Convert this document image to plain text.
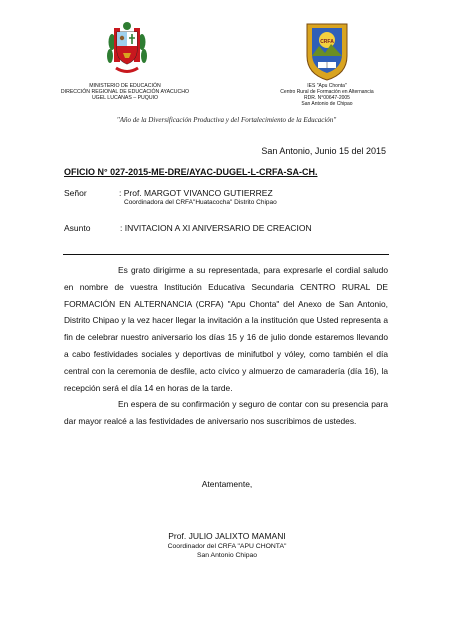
CRFA
MINISTERIO DE EDUCACIÓN
DIRECCIÓN REGIONAL DE EDUCACIÓN AYACUCHO
UGEL LUCANAS – PUQUIO
IES "Apu Chonta"
Centro Rural de Formación en Alternancia
RDR. N°00647-2005
San Antonio de Chipao
"Año de la Diversificación Productiva y del Fortalecimiento de la Educación"
San Antonio, Junio 15 del 2015
OFICIO N° 027-2015-ME-DRE/AYAC-DUGEL-L-CRFA-SA-CH.
Señor	: Prof. MARGOT VIVANCO GUTIERREZ
Coordinadora del CRFA"Huatacocha" Distrito Chipao
Asunto	: INVITACION A XI ANIVERSARIO DE CREACION

Es grato dirigirme a su representada, para expresarle el cordial saludo en nombre de vuestra Institución Educativa Secundaria CENTRO RURAL DE FORMACIÓN EN ALTERNANCIA (CRFA) "Apu Chonta" del Anexo de San Antonio, Distrito Chipao y la vez hacer llegar la invitación a la institución que Usted representa a fin de celebrar nuestro aniversario los días 15 y 16 de julio donde estaremos llevando a cabo festividades sociales y deportivas de minifutbol y vóley, como también el día central con la ceremonia de desfile, acto cívico y almuerzo de camaradería (día 16), la recepción será el día 14 en horas de la tarde.

En espera de su confirmación y seguro de contar con su presencia para dar mayor realcé a las festividades de aniversario nos suscribimos de ustedes.

Atentamente,
Prof. JULIO JALIXTO MAMANI
Coordinador del CRFA "APU CHONTA"
San Antonio Chipao
